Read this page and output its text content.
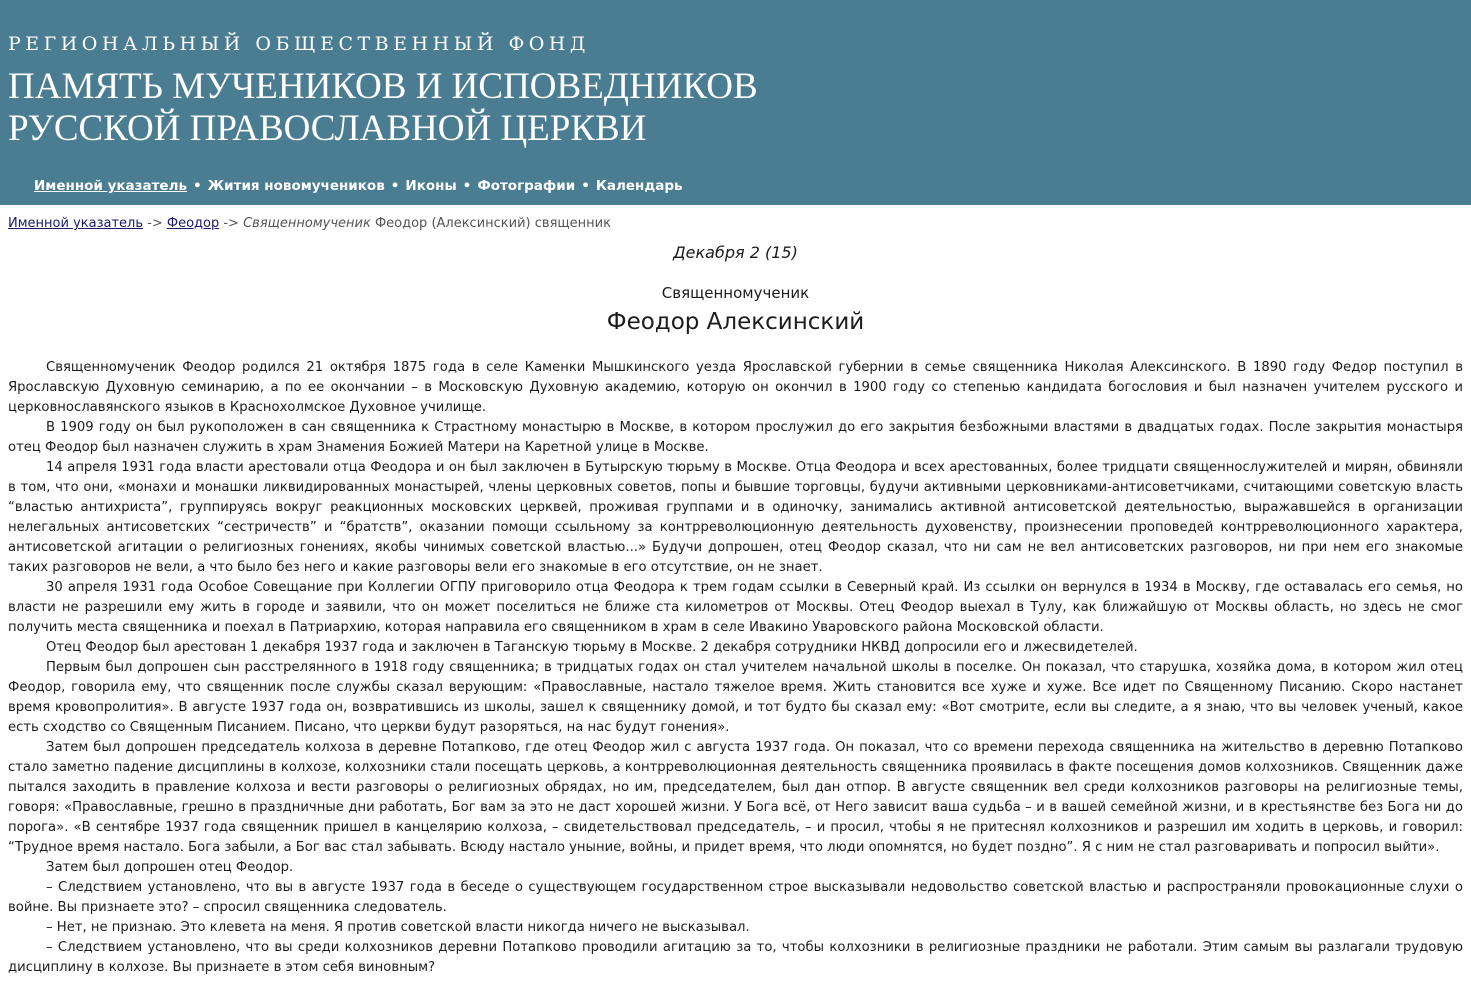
РЕГИОНАЛЬНЫЙ ОБЩЕСТВЕННЫЙ ФОНД
ПАМЯТЬ МУЧЕНИКОВ И ИСПОВЕДНИКОВ
РУССКОЙ ПРАВОСЛАВНОЙ ЦЕРКВИ
Именной указатель • Жития новомучеников • Иконы • Фотографии • Календарь
Именной указатель -> Феодор -> Священномученик Феодор (Алексинский) священник
Декабря 2 (15)
Священномученик
Феодор Алексинский

Священномученик Феодор родился 21 октября 1875 года в селе Каменки Мышкинского уезда Ярославской губернии в семье священника Николая Алексинского. В 1890 году Федор поступил в Ярославскую Духовную семинарию, а по ее окончании – в Московскую Духовную академию, которую он окончил в 1900 году со степенью кандидата богословия и был назначен учителем русского и церковнославянского языков в Краснохолмское Духовное училище.

В 1909 году он был рукоположен в сан священника к Страстному монастырю в Москве, в котором прослужил до его закрытия безбожными властями в двадцатых годах. После закрытия монастыря отец Феодор был назначен служить в храм Знамения Божией Матери на Каретной улице в Москве.

14 апреля 1931 года власти арестовали отца Феодора и он был заключен в Бутырскую тюрьму в Москве. Отца Феодора и всех арестованных, более тридцати священнослужителей и мирян, обвиняли в том, что они, «монахи и монашки ликвидированных монастырей, члены церковных советов, попы и бывшие торговцы, будучи активными церковниками-антисоветчиками, считающими советскую власть “властью антихриста”, группируясь вокруг реакционных московских церквей, проживая группами и в одиночку, занимались активной антисоветской деятельностью, выражавшейся в организации нелегальных антисоветских “сестричеств” и “братств”, оказании помощи ссыльному за контрреволюционную деятельность духовенству, произнесении проповедей контрреволюционного характера, антисоветской агитации о религиозных гонениях, якобы чинимых советской властью...» Будучи допрошен, отец Феодор сказал, что ни сам не вел антисоветских разговоров, ни при нем его знакомые таких разговоров не вели, а что было без него и какие разговоры вели его знакомые в его отсутствие, он не знает.

30 апреля 1931 года Особое Совещание при Коллегии ОГПУ приговорило отца Феодора к трем годам ссылки в Северный край. Из ссылки он вернулся в 1934 в Москву, где оставалась его семья, но власти не разрешили ему жить в городе и заявили, что он может поселиться не ближе ста километров от Москвы. Отец Феодор выехал в Тулу, как ближайшую от Москвы область, но здесь не смог получить места священника и поехал в Патриархию, которая направила его священником в храм в селе Ивакино Уваровского района Московской области.

Отец Феодор был арестован 1 декабря 1937 года и заключен в Таганскую тюрьму в Москве. 2 декабря сотрудники НКВД допросили его и лжесвидетелей.

Первым был допрошен сын расстрелянного в 1918 году священника; в тридцатых годах он стал учителем начальной школы в поселке. Он показал, что старушка, хозяйка дома, в котором жил отец Феодор, говорила ему, что священник после службы сказал верующим: «Православные, настало тяжелое время. Жить становится все хуже и хуже. Все идет по Священному Писанию. Скоро настанет время кровопролития». В августе 1937 года он, возвратившись из школы, зашел к священнику домой, и тот будто бы сказал ему: «Вот смотрите, если вы следите, а я знаю, что вы человек ученый, какое есть сходство со Священным Писанием. Писано, что церкви будут разоряться, на нас будут гонения».

Затем был допрошен председатель колхоза в деревне Потапково, где отец Феодор жил с августа 1937 года. Он показал, что со времени перехода священника на жительство в деревню Потапково стало заметно падение дисциплины в колхозе, колхозники стали посещать церковь, а контрреволюционная деятельность священника проявилась в факте посещения домов колхозников. Священник даже пытался заходить в правление колхоза и вести разговоры о религиозных обрядах, но им, председателем, был дан отпор. В августе священник вел среди колхозников разговоры на религиозные темы, говоря: «Православные, грешно в праздничные дни работать, Бог вам за это не даст хорошей жизни. У Бога всё, от Него зависит ваша судьба – и в вашей семейной жизни, и в крестьянстве без Бога ни до порога». «В сентябре 1937 года священник пришел в канцелярию колхоза, – свидетельствовал председатель, – и просил, чтобы я не притеснял колхозников и разрешил им ходить в церковь, и говорил: “Трудное время настало. Бога забыли, а Бог вас стал забывать. Всюду настало уныние, войны, и придет время, что люди опомнятся, но будет поздно”. Я с ним не стал разговаривать и попросил выйти».

Затем был допрошен отец Феодор.

– Следствием установлено, что вы в августе 1937 года в беседе о существующем государственном строе высказывали недовольство советской властью и распространяли провокационные слухи о войне. Вы признаете это? – спросил священника следователь.

– Нет, не признаю. Это клевета на меня. Я против советской власти никогда ничего не высказывал.

– Следствием установлено, что вы среди колхозников деревни Потапково проводили агитацию за то, чтобы колхозники в религиозные праздники не работали. Этим самым вы разлагали трудовую дисциплину в колхозе. Вы признаете в этом себя виновным?
